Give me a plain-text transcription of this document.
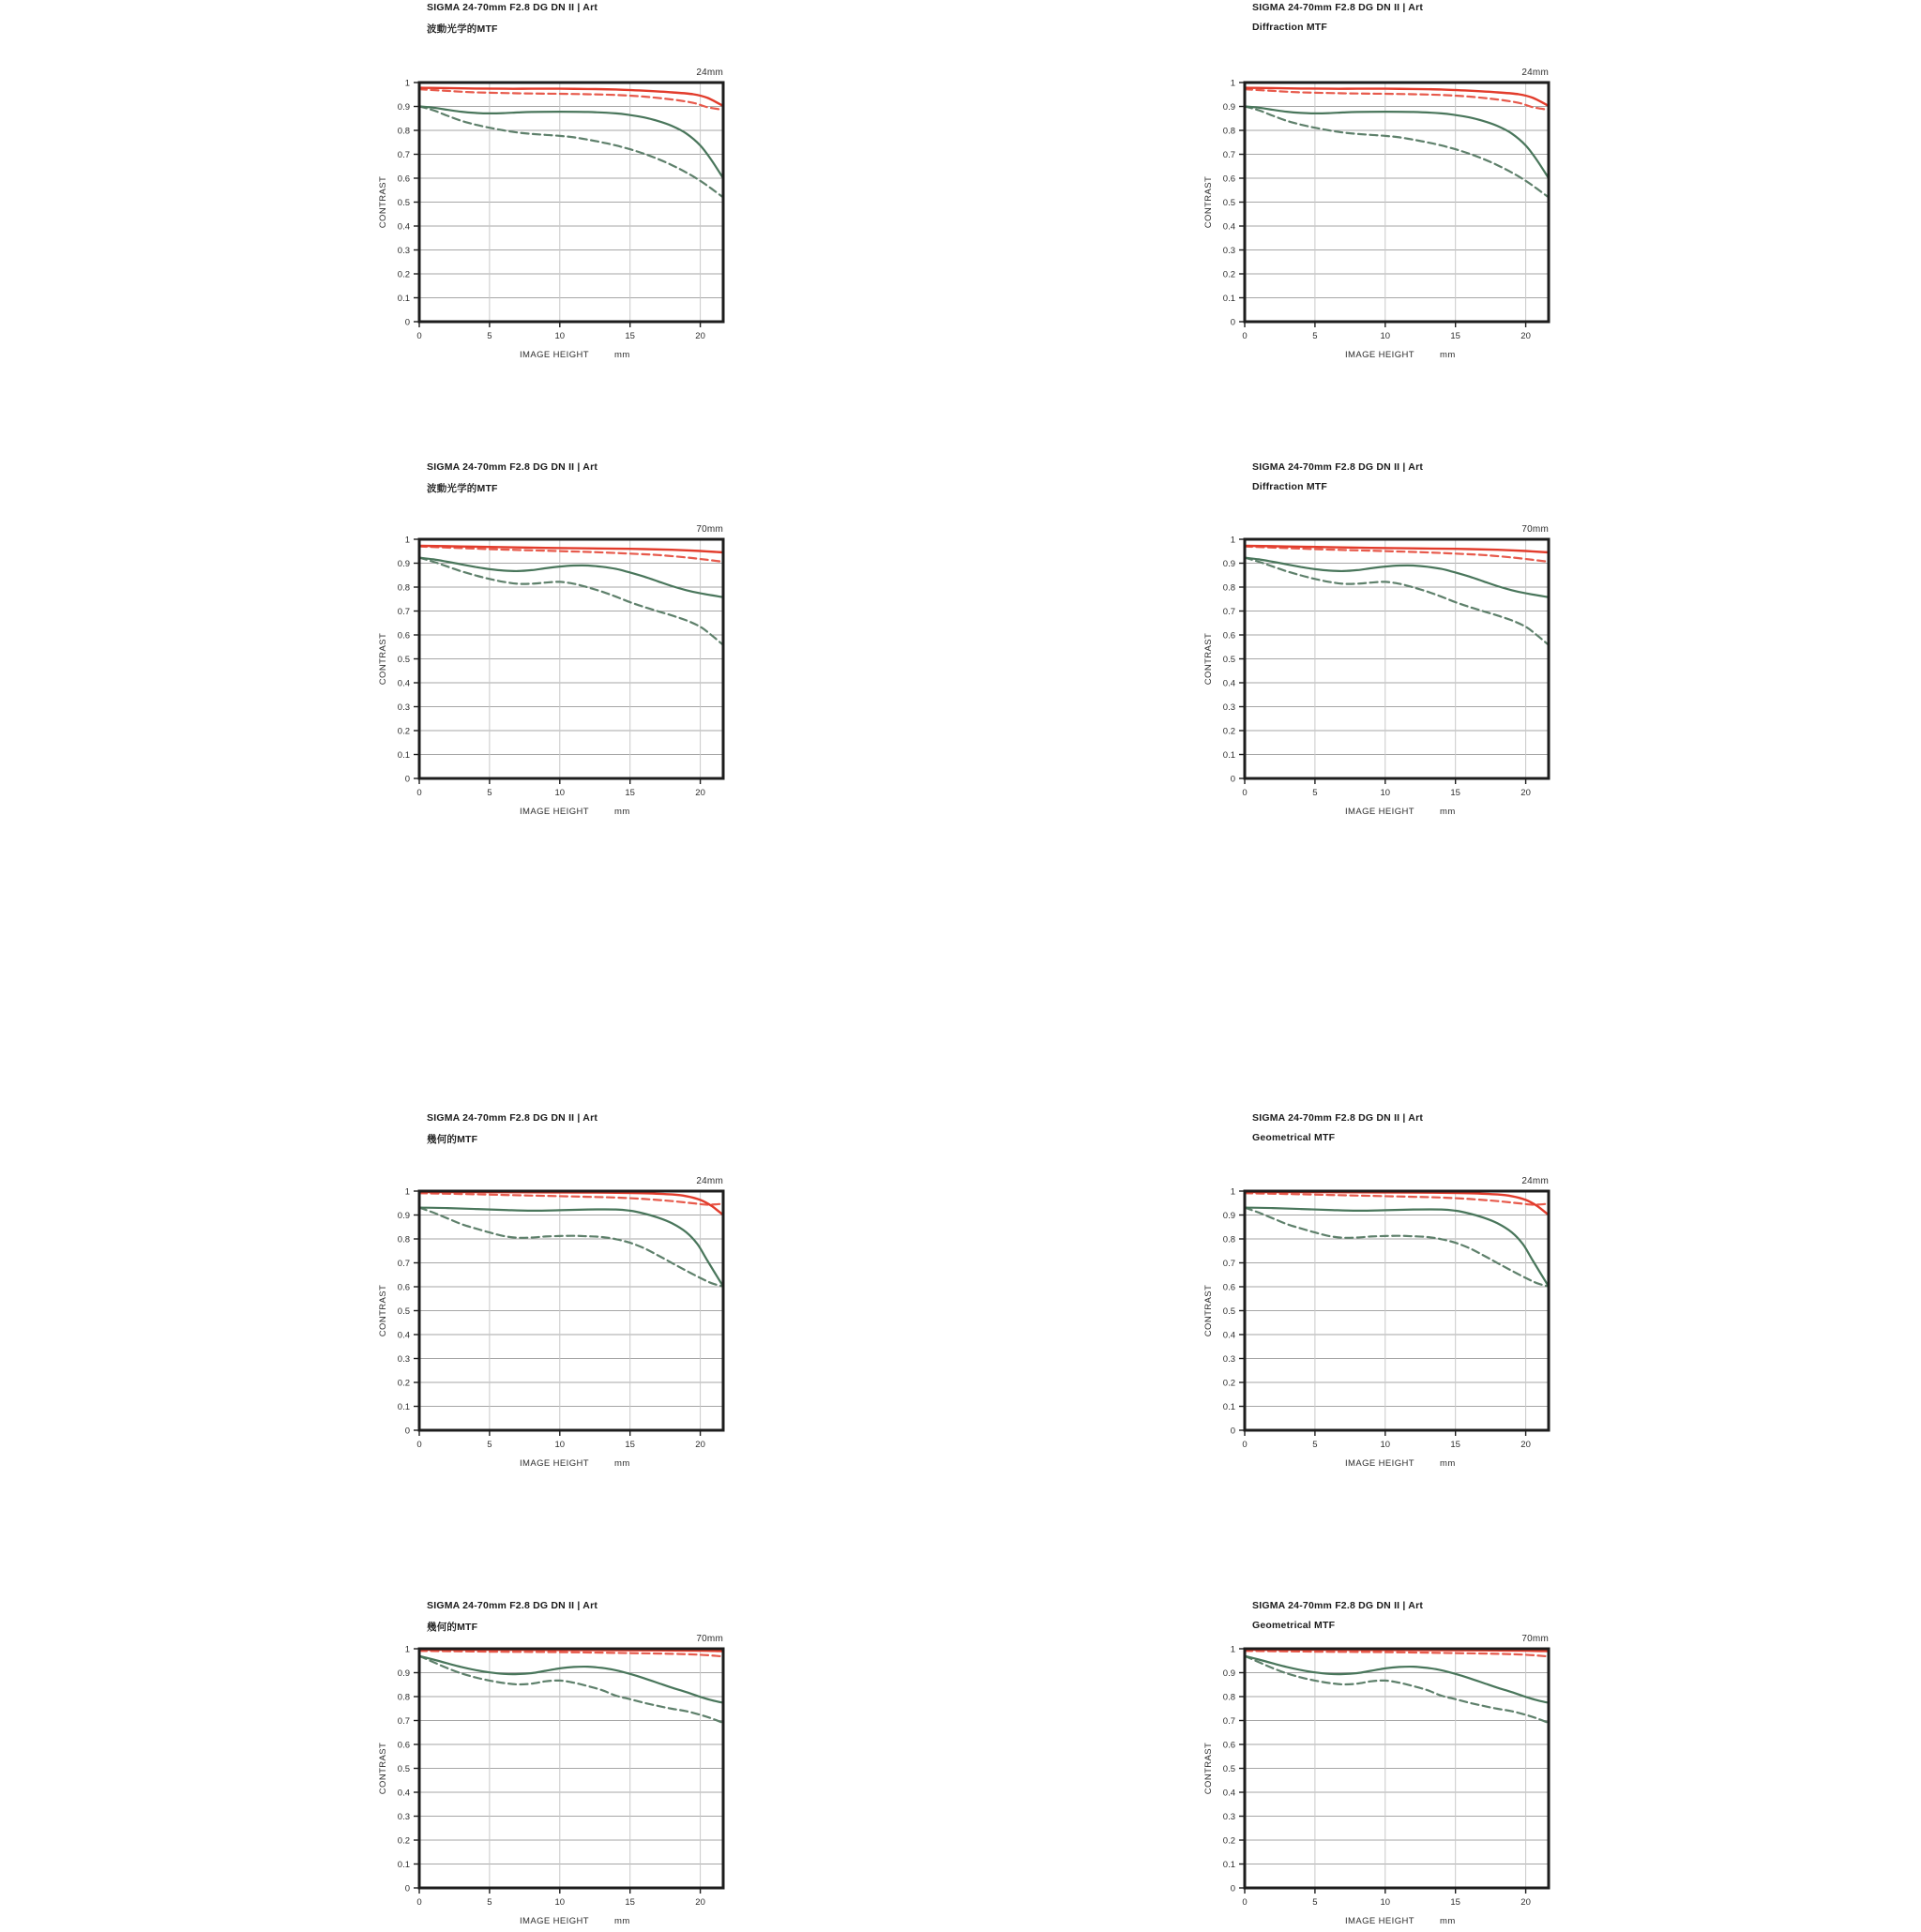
SIGMA 24-70mm F2.8 DG DN II | Art
波動光学的MTF
24mm
1
0.9
0.8
0.7
0.6
0.5
0.4
0.3
0.2
0.1
0
0	5	10	15	20
IMAGE HEIGHT	mm
CONTRAST
SIGMA 24-70mm F2.8 DG DN II | Art
Diffraction MTF
24mm
1
0.9
0.8
0.7
0.6
0.5
0.4
0.3
0.2
0.1
0
0	5	10	15	20
IMAGE HEIGHT	mm
CONTRAST
SIGMA 24-70mm F2.8 DG DN II | Art
波動光学的MTF
70mm
1
0.9
0.8
0.7
0.6
0.5
0.4
0.3
0.2
0.1
0
0	5	10	15	20
IMAGE HEIGHT	mm
CONTRAST
SIGMA 24-70mm F2.8 DG DN II | Art
Diffraction MTF
70mm
1
0.9
0.8
0.7
0.6
0.5
0.4
0.3
0.2
0.1
0
0	5	10	15	20
IMAGE HEIGHT	mm
CONTRAST
SIGMA 24-70mm F2.8 DG DN II | Art
幾何的MTF
24mm
1
0.9
0.8
0.7
0.6
0.5
0.4
0.3
0.2
0.1
0
0	5	10	15	20
IMAGE HEIGHT	mm
CONTRAST
SIGMA 24-70mm F2.8 DG DN II | Art
Geometrical MTF
24mm
1
0.9
0.8
0.7
0.6
0.5
0.4
0.3
0.2
0.1
0
0	5	10	15	20
IMAGE HEIGHT	mm
CONTRAST
SIGMA 24-70mm F2.8 DG DN II | Art
幾何的MTF
70mm
1
0.9
0.8
0.7
0.6
0.5
0.4
0.3
0.2
0.1
0
0	5	10	15	20
IMAGE HEIGHT	mm
CONTRAST
SIGMA 24-70mm F2.8 DG DN II | Art
Geometrical MTF
70mm
1
0.9
0.8
0.7
0.6
0.5
0.4
0.3
0.2
0.1
0
0	5	10	15	20
IMAGE HEIGHT	mm
CONTRAST
